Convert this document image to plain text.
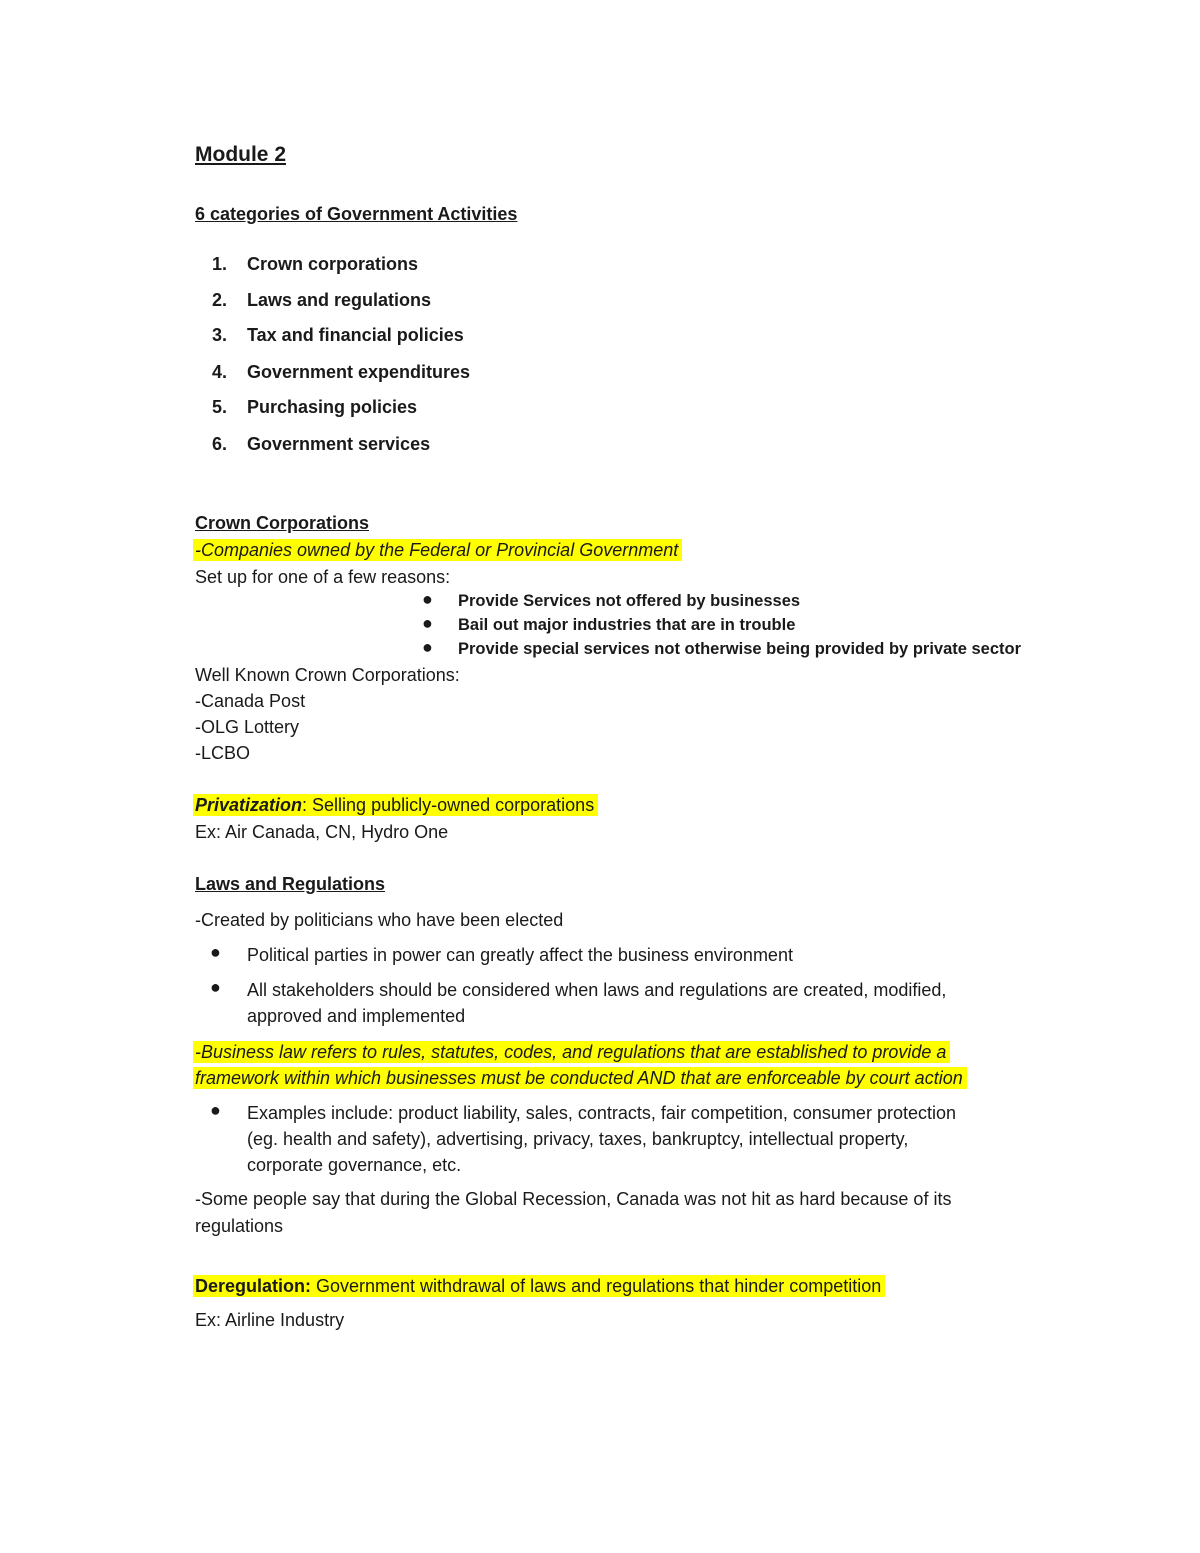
Module 2
6 categories of Government Activities
1. Crown corporations
2. Laws and regulations
3. Tax and financial policies
4. Government expenditures
5. Purchasing policies
6. Government services
Crown Corporations
-Companies owned by the Federal or Provincial Government
Set up for one of a few reasons:
● Provide Services not offered by businesses
● Bail out major industries that are in trouble
● Provide special services not otherwise being provided by private sector
Well Known Crown Corporations:
-Canada Post
-OLG Lottery
-LCBO
Privatization: Selling publicly-owned corporations
Ex: Air Canada, CN, Hydro One
Laws and Regulations
-Created by politicians who have been elected
● Political parties in power can greatly affect the business environment
● All stakeholders should be considered when laws and regulations are created, modified,
approved and implemented
-Business law refers to rules, statutes, codes, and regulations that are established to provide a
framework within which businesses must be conducted AND that are enforceable by court action
● Examples include: product liability, sales, contracts, fair competition, consumer protection
(eg. health and safety), advertising, privacy, taxes, bankruptcy, intellectual property,
corporate governance, etc.
-Some people say that during the Global Recession, Canada was not hit as hard because of its
regulations
Deregulation: Government withdrawal of laws and regulations that hinder competition
Ex: Airline Industry
